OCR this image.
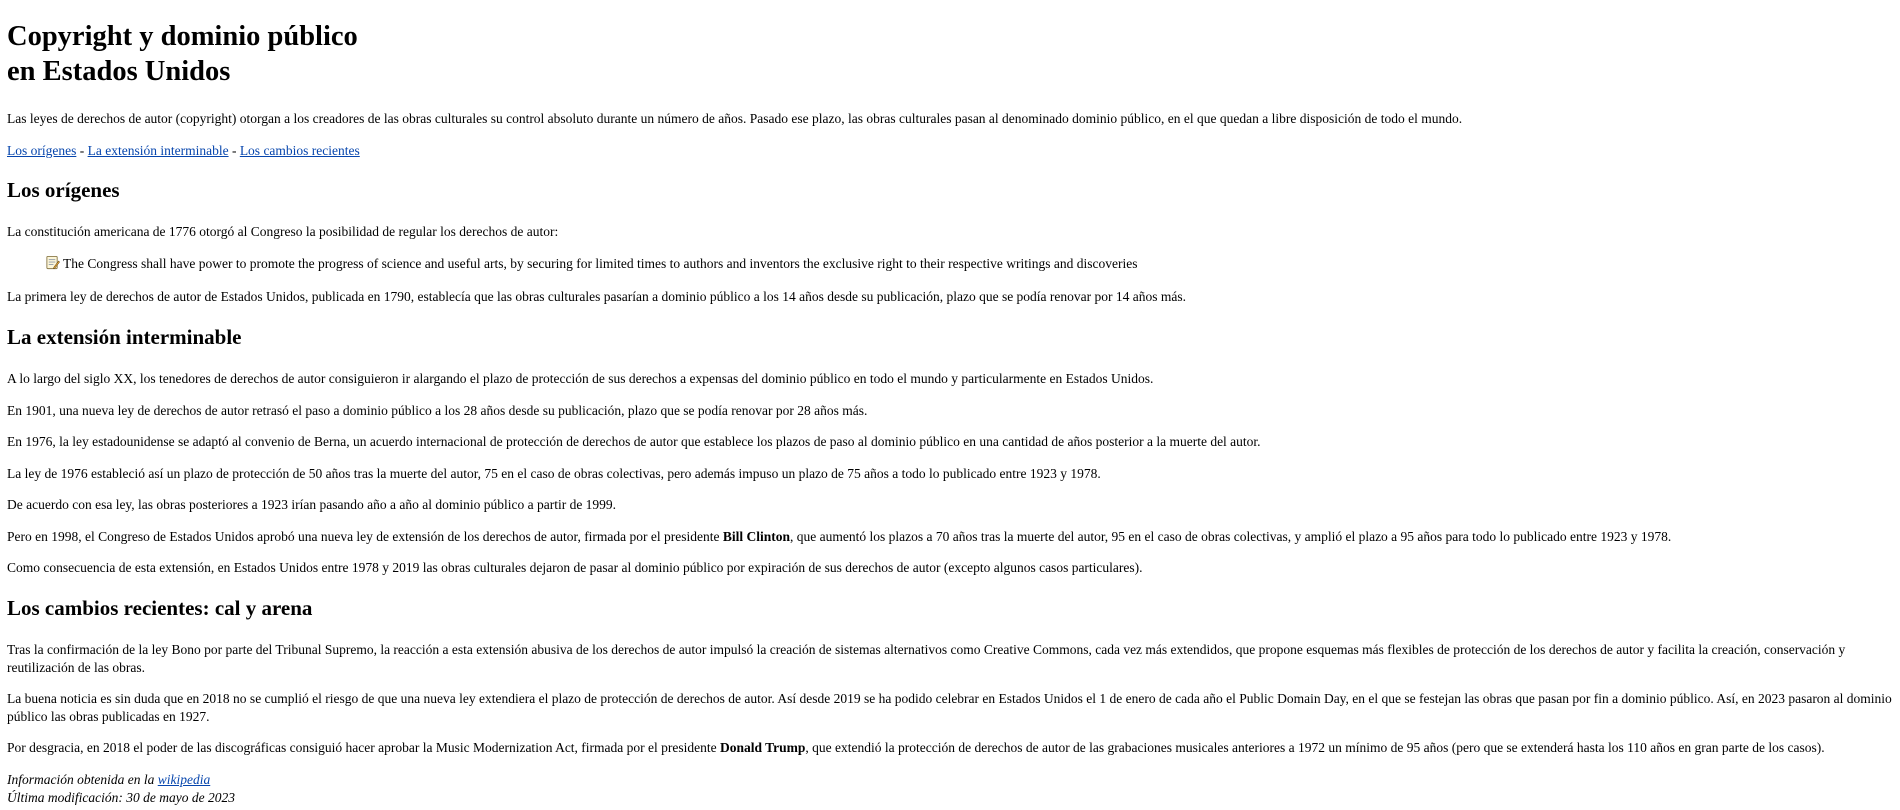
Copyright y dominio público
en Estados Unidos

Las leyes de derechos de autor (copyright) otorgan a los creadores de las obras culturales su control absoluto durante un número de años. Pasado ese plazo, las obras culturales pasan al denominado dominio público, en el que quedan a libre disposición de todo el mundo.

Los orígenes - La extensión interminable - Los cambios recientes

Los orígenes

La constitución americana de 1776 otorgó al Congreso la posibilidad de regular los derechos de autor:

The Congress shall have power to promote the progress of science and useful arts, by securing for limited times to authors and inventors the exclusive right to their respective writings and discoveries

La primera ley de derechos de autor de Estados Unidos, publicada en 1790, establecía que las obras culturales pasarían a dominio público a los 14 años desde su publicación, plazo que se podía renovar por 14 años más.

La extensión interminable

A lo largo del siglo XX, los tenedores de derechos de autor consiguieron ir alargando el plazo de protección de sus derechos a expensas del dominio público en todo el mundo y particularmente en Estados Unidos.

En 1901, una nueva ley de derechos de autor retrasó el paso a dominio público a los 28 años desde su publicación, plazo que se podía renovar por 28 años más.

En 1976, la ley estadounidense se adaptó al convenio de Berna, un acuerdo internacional de protección de derechos de autor que establece los plazos de paso al dominio público en una cantidad de años posterior a la muerte del autor.

La ley de 1976 estableció así un plazo de protección de 50 años tras la muerte del autor, 75 en el caso de obras colectivas, pero además impuso un plazo de 75 años a todo lo publicado entre 1923 y 1978.

De acuerdo con esa ley, las obras posteriores a 1923 irían pasando año a año al dominio público a partir de 1999.

Pero en 1998, el Congreso de Estados Unidos aprobó una nueva ley de extensión de los derechos de autor, firmada por el presidente Bill Clinton, que aumentó los plazos a 70 años tras la muerte del autor, 95 en el caso de obras colectivas, y amplió el plazo a 95 años para todo lo publicado entre 1923 y 1978.

Como consecuencia de esta extensión, en Estados Unidos entre 1978 y 2019 las obras culturales dejaron de pasar al dominio público por expiración de sus derechos de autor (excepto algunos casos particulares).

Los cambios recientes: cal y arena

Tras la confirmación de la ley Bono por parte del Tribunal Supremo, la reacción a esta extensión abusiva de los derechos de autor impulsó la creación de sistemas alternativos como Creative Commons, cada vez más extendidos, que propone esquemas más flexibles de protección de los derechos de autor y facilita la creación, conservación y reutilización de las obras.

La buena noticia es sin duda que en 2018 no se cumplió el riesgo de que una nueva ley extendiera el plazo de protección de derechos de autor. Así desde 2019 se ha podido celebrar en Estados Unidos el 1 de enero de cada año el Public Domain Day, en el que se festejan las obras que pasan por fin a dominio público. Así, en 2023 pasaron al dominio público las obras publicadas en 1927.

Por desgracia, en 2018 el poder de las discográficas consiguió hacer aprobar la Music Modernization Act, firmada por el presidente Donald Trump, que extendió la protección de derechos de autor de las grabaciones musicales anteriores a 1972 un mínimo de 95 años (pero que se extenderá hasta los 110 años en gran parte de los casos).

Información obtenida en la wikipedia
Última modificación: 30 de mayo de 2023
